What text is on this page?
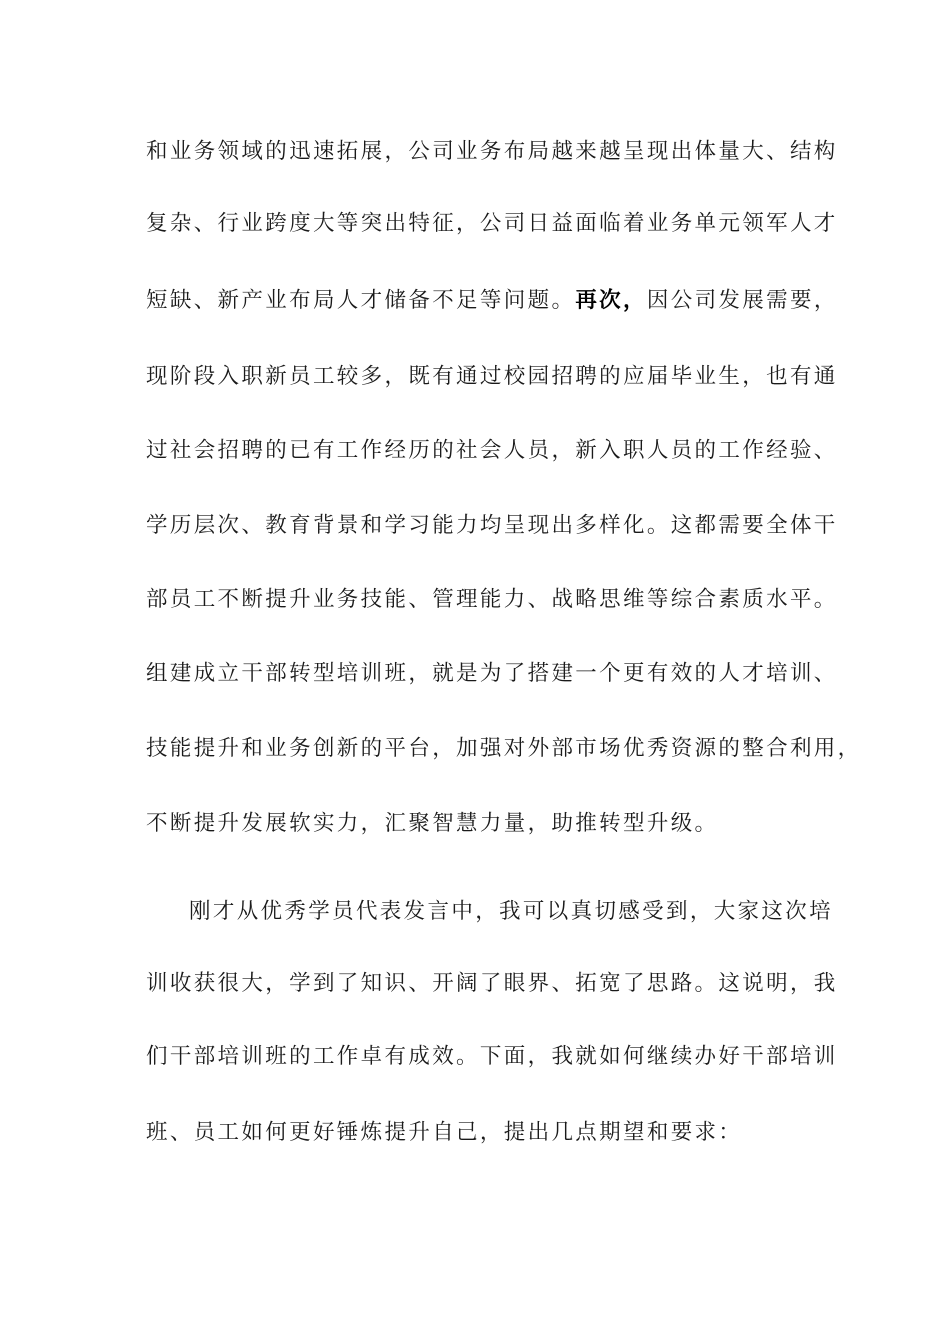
和业务领域的迅速拓展，公司业务布局越来越呈现出体量大、结构
复杂、行业跨度大等突出特征，公司日益面临着业务单元领军人才
短缺、新产业布局人才储备不足等问题。再次，因公司发展需要，
现阶段入职新员工较多，既有通过校园招聘的应届毕业生，也有通
过社会招聘的已有工作经历的社会人员，新入职人员的工作经验、
学历层次、教育背景和学习能力均呈现出多样化。这都需要全体干
部员工不断提升业务技能、管理能力、战略思维等综合素质水平。
组建成立干部转型培训班，就是为了搭建一个更有效的人才培训、
技能提升和业务创新的平台，加强对外部市场优秀资源的整合利用，
不断提升发展软实力，汇聚智慧力量，助推转型升级。
刚才从优秀学员代表发言中，我可以真切感受到，大家这次培
训收获很大，学到了知识、开阔了眼界、拓宽了思路。这说明，我
们干部培训班的工作卓有成效。下面，我就如何继续办好干部培训
班、员工如何更好锤炼提升自己，提出几点期望和要求：
